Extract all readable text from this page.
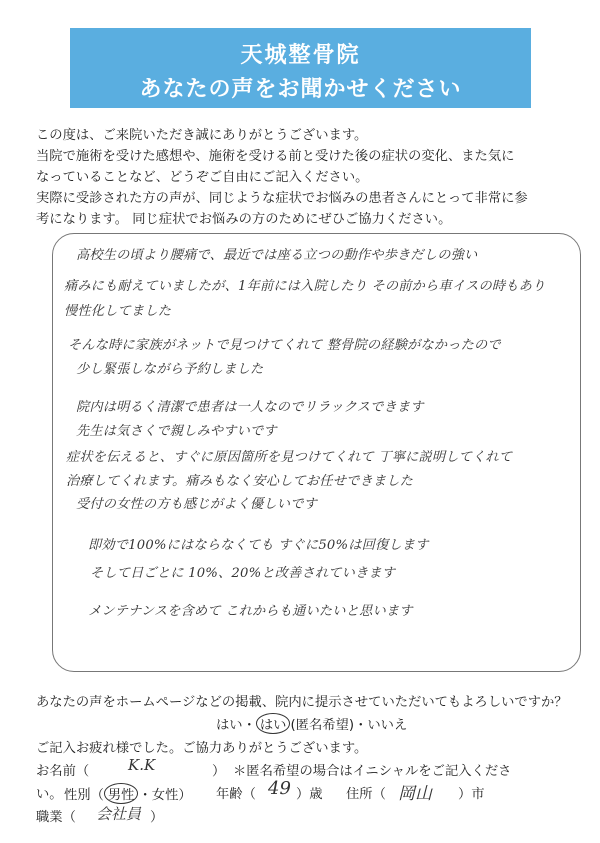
天城整骨院
あなたの声をお聞かせください

この度は、ご来院いただき誠にありがとうございます。

当院で施術を受けた感想や、施術を受ける前と受けた後の症状の変化、また気に

なっていることなど、どうぞご自由にご記入ください。

実際に受診された方の声が、同じような症状でお悩みの患者さんにとって非常に参

考になります。 同じ症状でお悩みの方のためにぜひご協力ください。

高校生の頃より腰痛で、最近では座る立つの動作や歩きだしの強い
痛みにも耐えていましたが、1年前には入院したり その前から車イスの時もあり
慢性化してました
そんな時に家族がネットで見つけてくれて 整骨院の経験がなかったので
少し緊張しながら予約しました
院内は明るく清潔で患者は一人なのでリラックスできます
先生は気さくで親しみやすいです
症状を伝えると、すぐに原因箇所を見つけてくれて 丁寧に説明してくれて
治療してくれます。痛みもなく安心してお任せできました
受付の女性の方も感じがよく優しいです
即効で100%にはならなくても すぐに50%は回復します
そして日ごとに 10%、20%と改善されていきます
メンテナンスを含めて これからも通いたいと思います
あなたの声をホームページなどの掲載、院内に提示させていただいてもよろしいですか？
はい・ はい (匿名希望)・いいえ
ご記入お疲れ様でした。ご協力ありがとうございます。
お名前（	K.K	） ＊匿名希望の場合はイニシャルをご記入くださ
い。 性別（ 男性 ・女性） 年齢（ 49 ）歳 住所（ 岡山 ）市
職業（ 会社員 ）
